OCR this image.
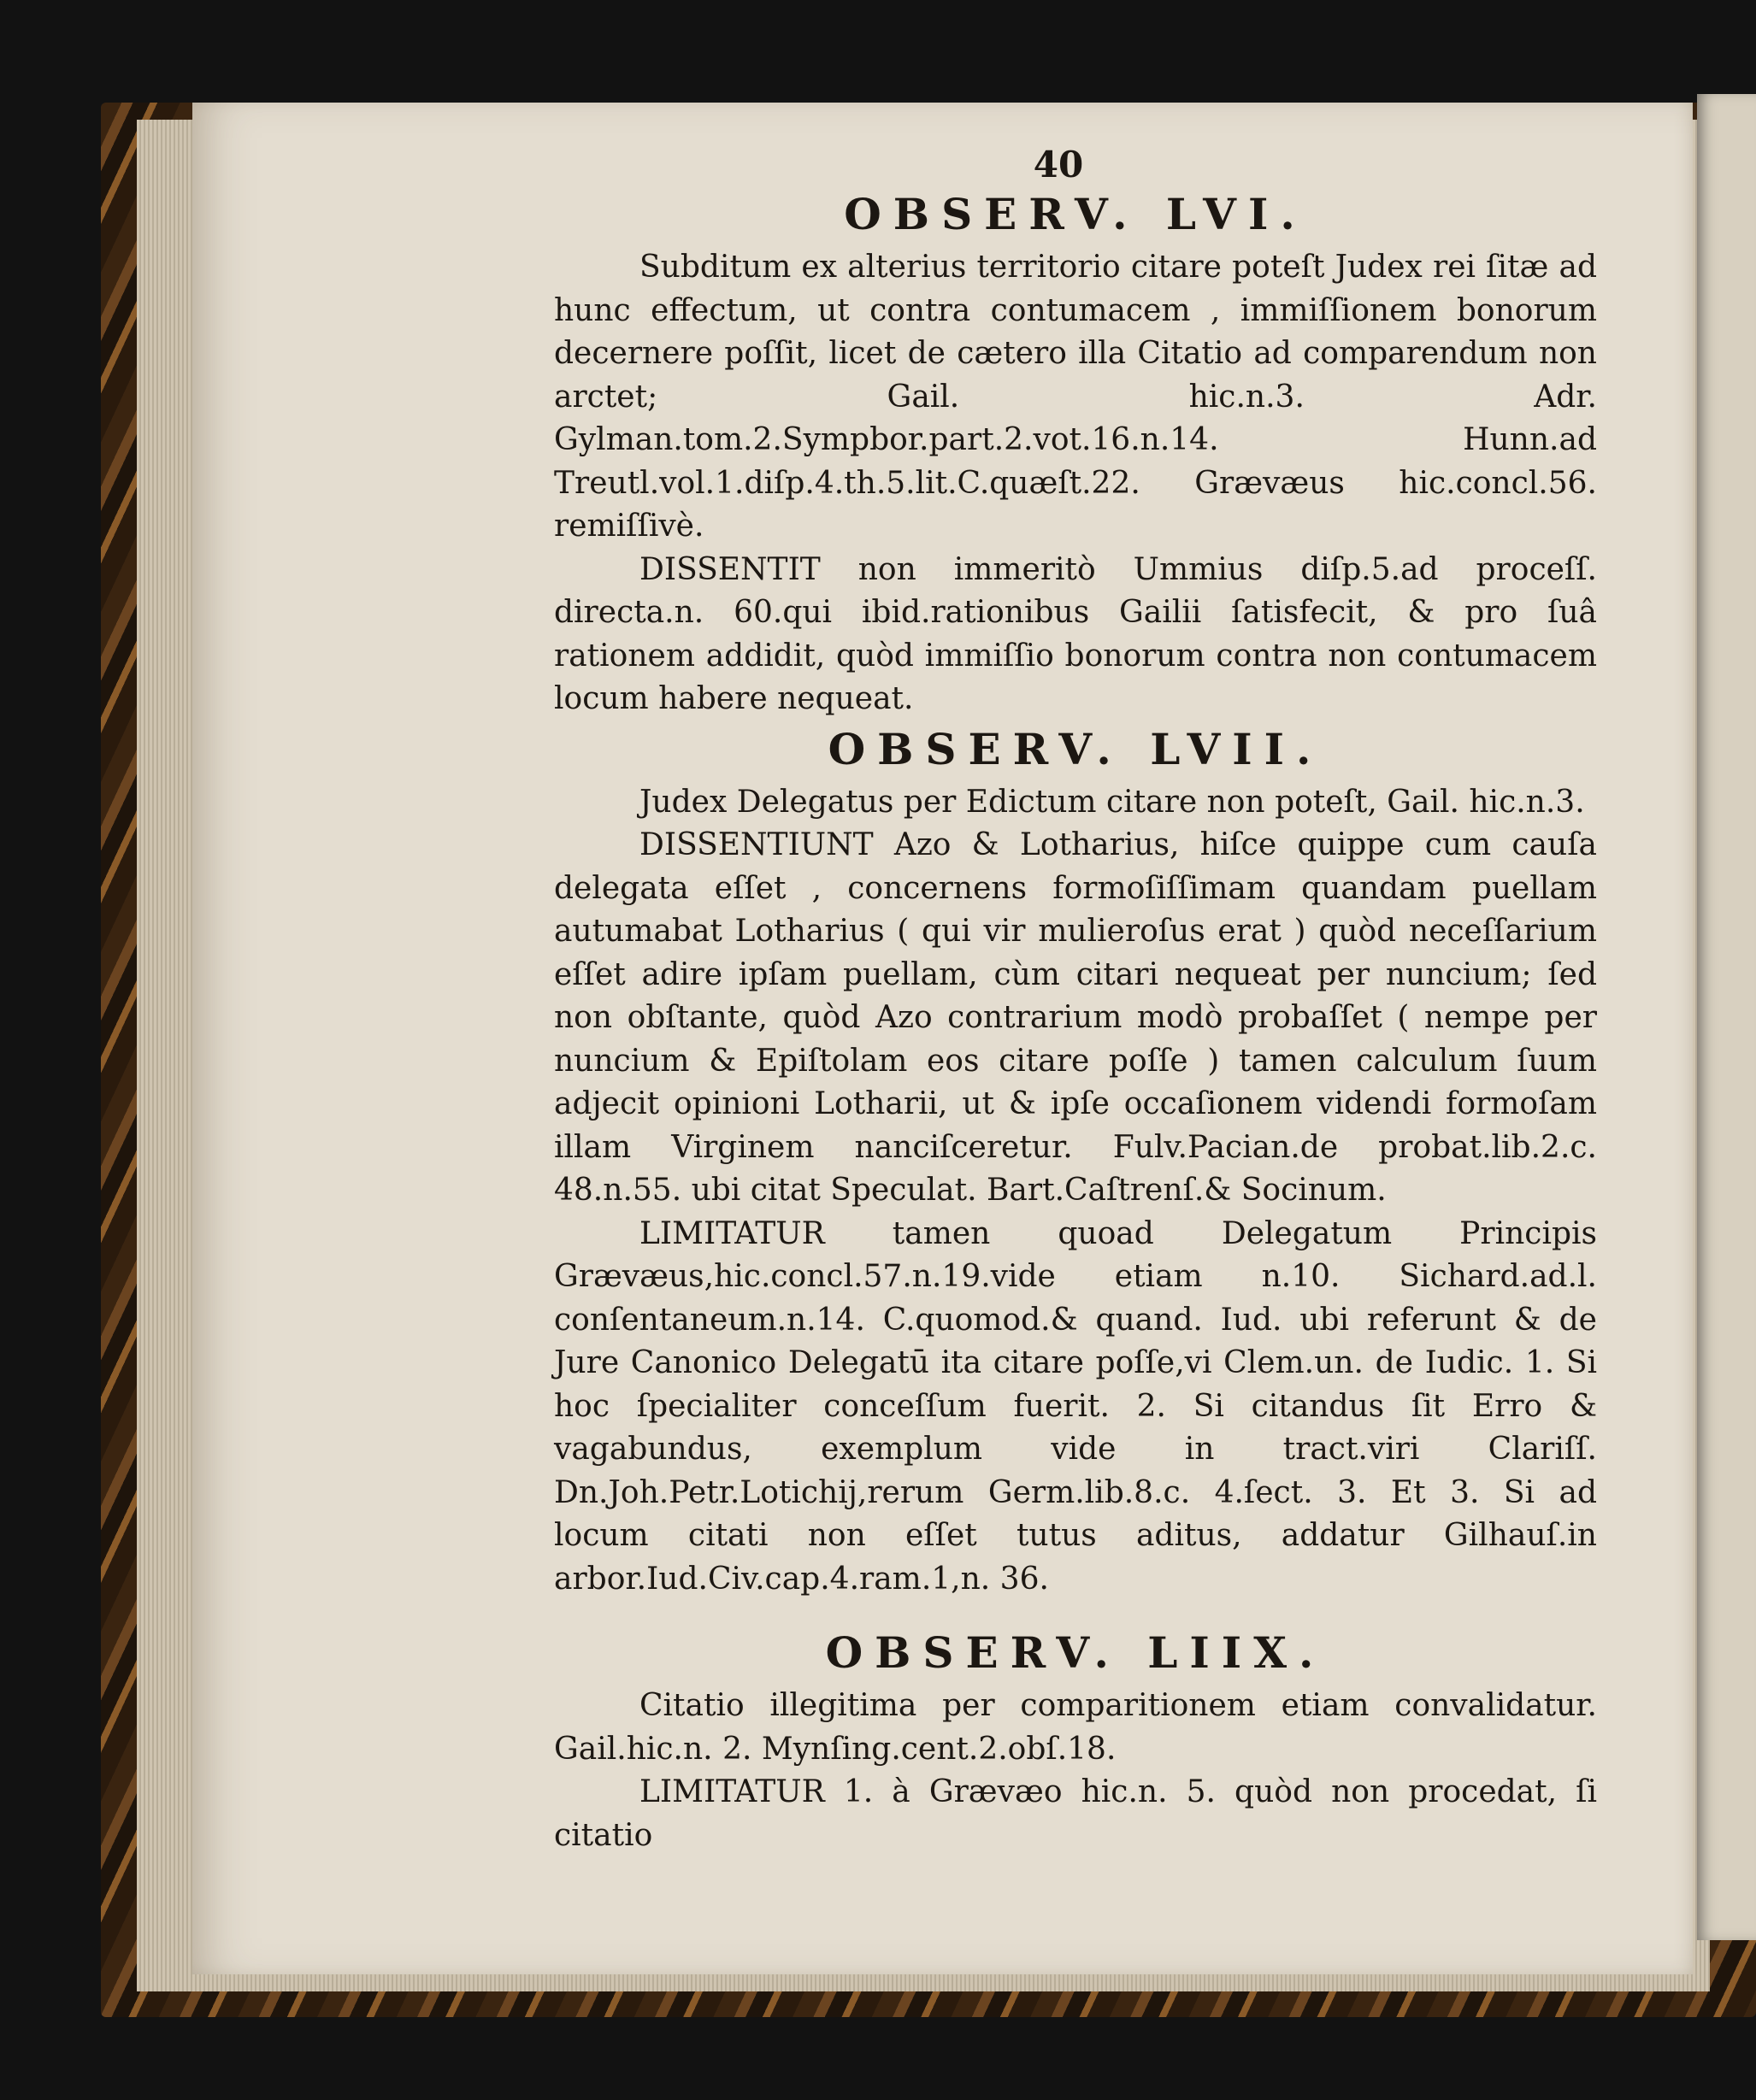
40
OBSERV. LVI.

Subditum ex alterius territorio citare poteſt Judex rei ſitæ ad hunc effectum, ut contra contumacem , immiſſionem bonorum decernere poſſit, licet de cætero illa Citatio ad comparendum non arctet; Gail. hic.n.3. Adr. Gylman.tom.2.Sympbor.part.2.vot.16.n.14. Hunn.ad Treutl.vol.1.diſp.4.th.5.lit.C.quæſt.22. Grævæus hic.concl.56. remiſſivè.

DISSENTIT non immeritò Ummius diſp.5.ad proceſſ. directa.n. 60.qui ibid.rationibus Gailii ſatisfecit, & pro ſuâ rationem addidit, quòd immiſſio bonorum contra non contumacem locum habere nequeat.

OBSERV. LVII.

Judex Delegatus per Edictum citare non poteſt, Gail. hic.n.3.

DISSENTIUNT Azo & Lotharius, hiſce quippe cum cauſa delegata eſſet , concernens formoſiſſimam quandam puellam autumabat Lotharius ( qui vir mulieroſus erat ) quòd neceſſarium eſſet adire ipſam puellam, cùm citari nequeat per nuncium; ſed non obſtante, quòd Azo contrarium modò probaſſet ( nempe per nuncium & Epiſtolam eos citare poſſe ) tamen calculum ſuum adjecit opinioni Lotharii, ut & ipſe occaſionem videndi formoſam illam Virginem nanciſceretur. Fulv.Pacian.de probat.lib.2.c. 48.n.55. ubi citat Speculat. Bart.Caſtrenſ.& Socinum.

LIMITATUR tamen quoad Delegatum Principis Grævæus,hic.concl.57.n.19.vide etiam n.10. Sichard.ad.l. conſentaneum.n.14. C.quomod.& quand. Iud. ubi referunt & de Jure Canonico Delegatū ita citare poſſe,vi Clem.un. de Iudic. 1. Si hoc ſpecialiter conceſſum fuerit. 2. Si citandus ſit Erro & vagabundus, exemplum vide in tract.viri Clariſſ. Dn.Joh.Petr.Lotichij,rerum Germ.lib.8.c. 4.ſect. 3. Et 3. Si ad locum citati non eſſet tutus aditus, addatur Gilhauſ.in arbor.Iud.Civ.cap.4.ram.1,n. 36.

OBSERV. LIIX.

Citatio illegitima per comparitionem etiam convalidatur. Gail.hic.n. 2. Mynſing.cent.2.obſ.18.

LIMITATUR 1. à Grævæo hic.n. 5. quòd non procedat, ſi citatio
